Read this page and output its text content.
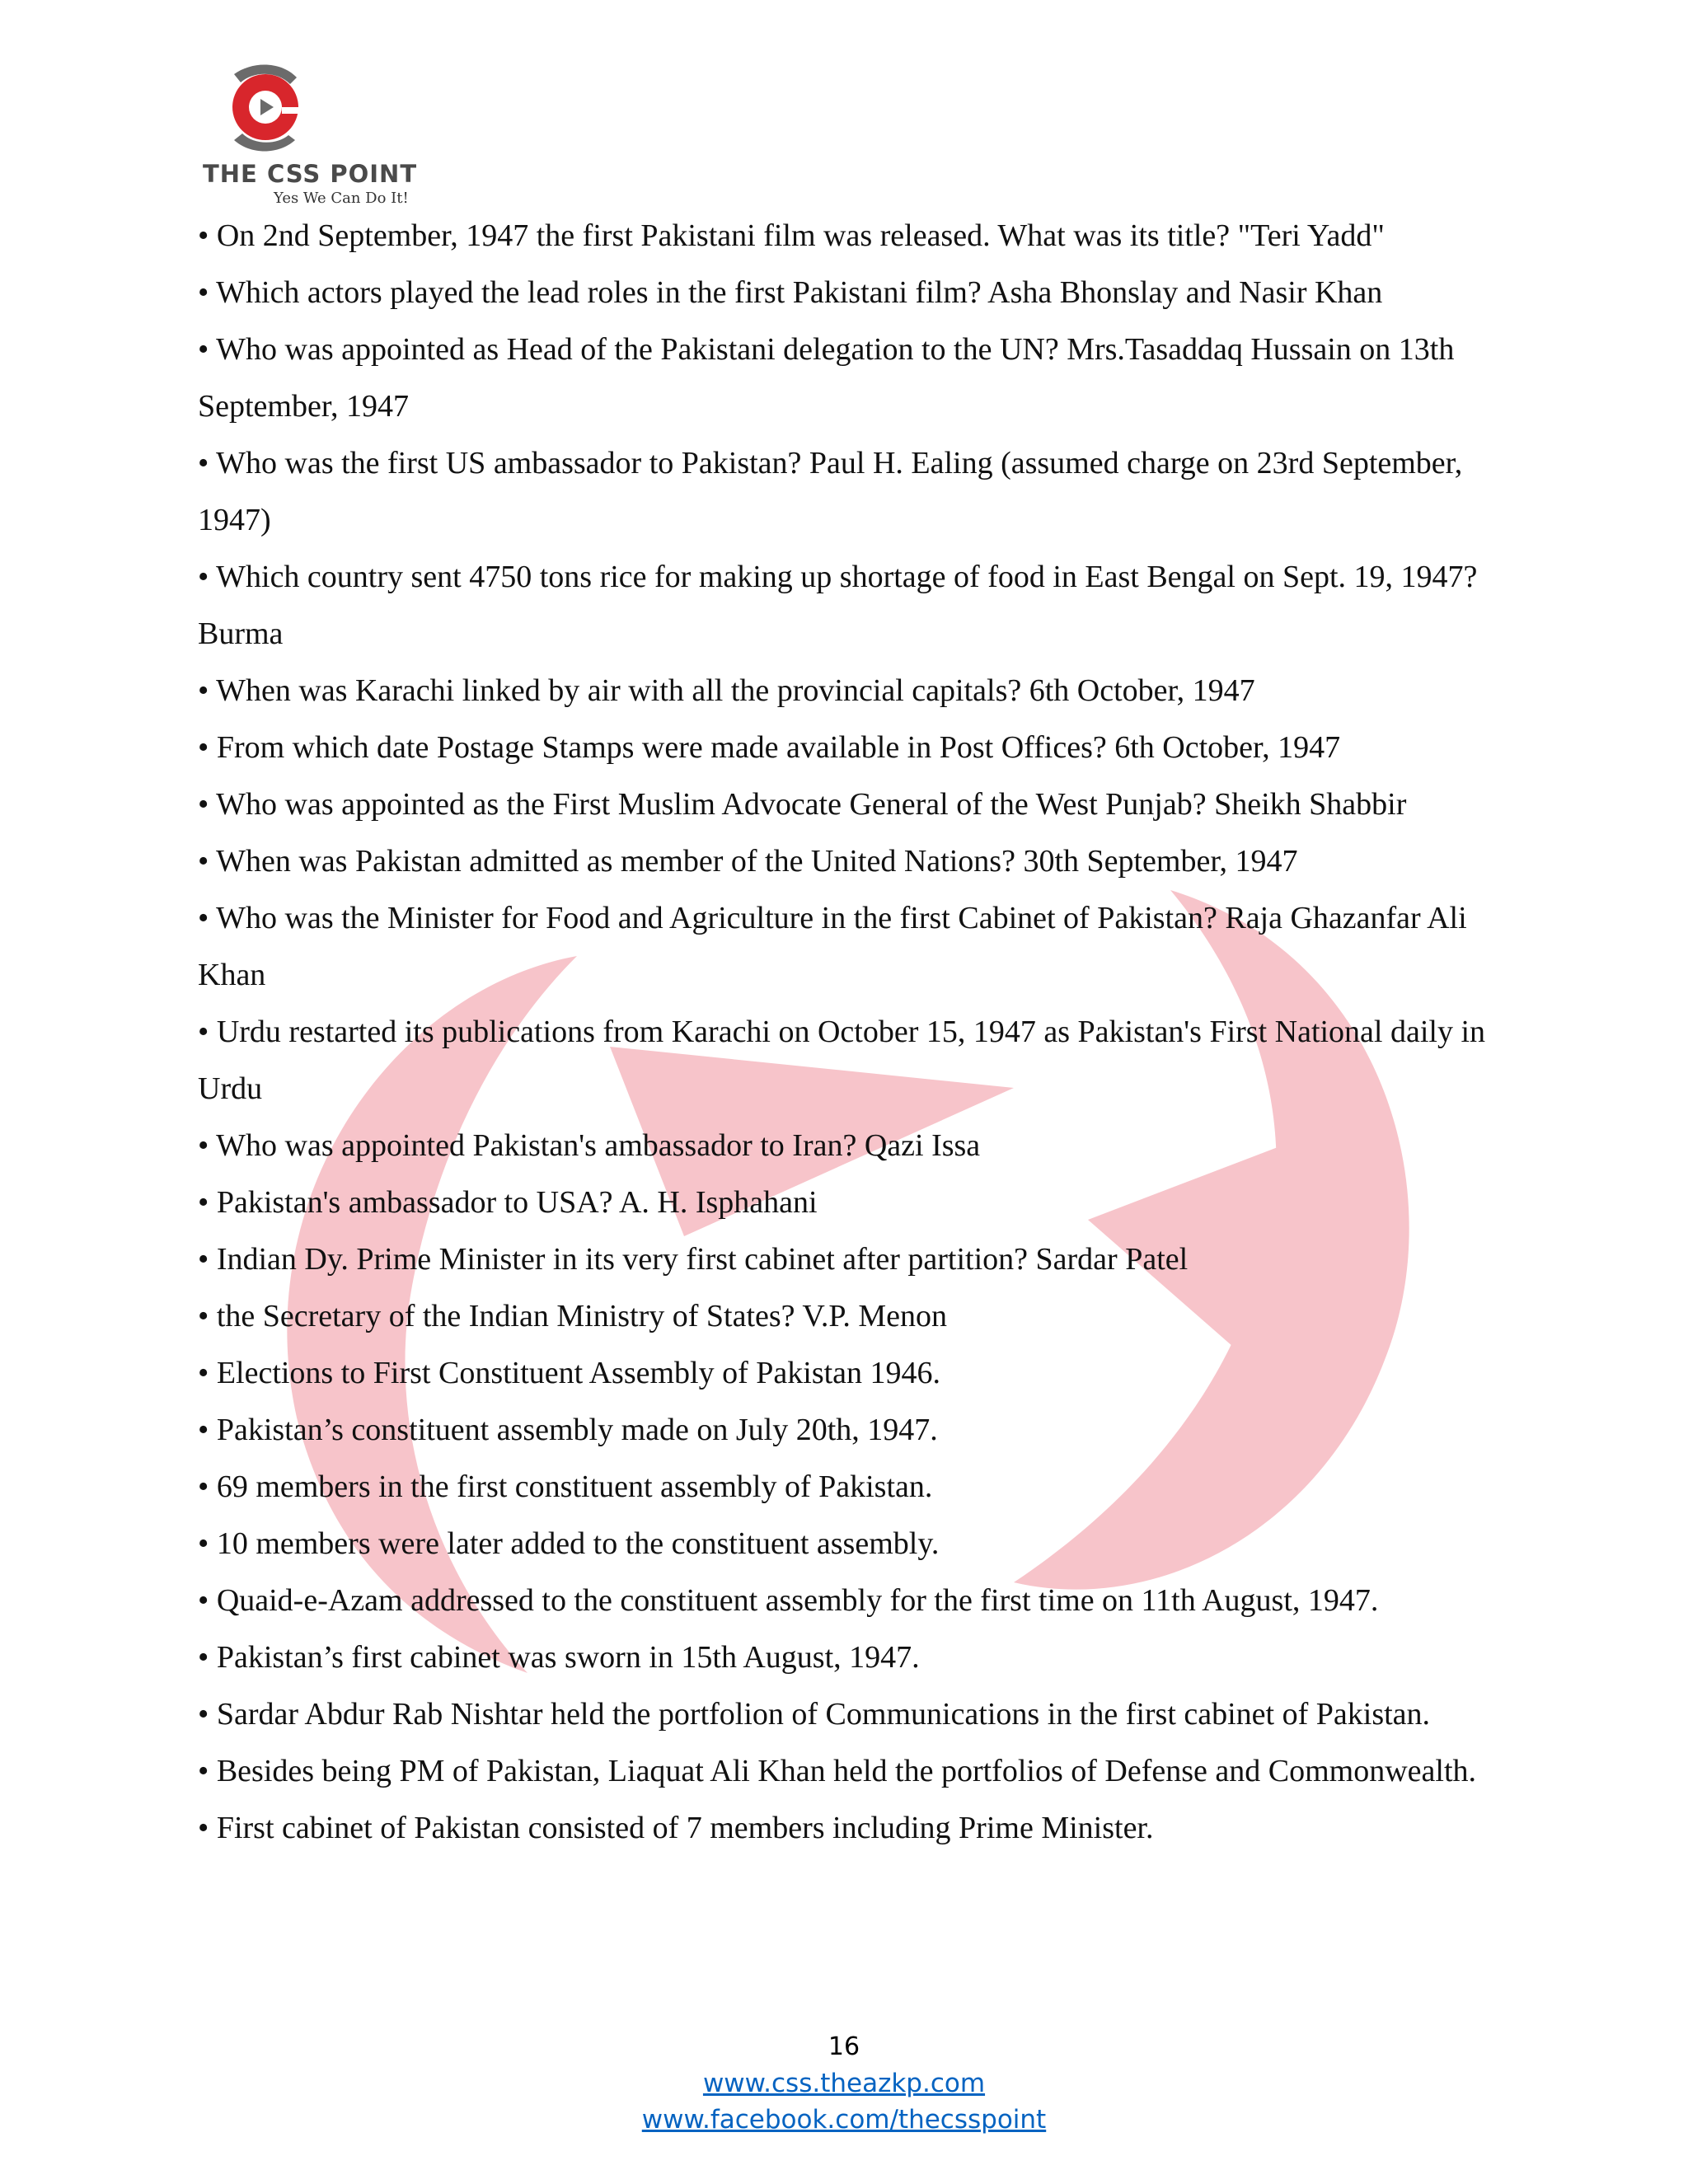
THE CSS POINT
Yes We Can Do It!

• On 2nd September, 1947 the first Pakistani film was released. What was its title? "Teri Yadd"

• Which actors played the lead roles in the first Pakistani film? Asha Bhonslay and Nasir Khan

• Who was appointed as Head of the Pakistani delegation to the UN? Mrs.Tasaddaq Hussain on 13th September, 1947

• Who was the first US ambassador to Pakistan? Paul H. Ealing (assumed charge on 23rd September, 1947)

• Which country sent 4750 tons rice for making up shortage of food in East Bengal on Sept. 19, 1947? Burma

• When was Karachi linked by air with all the provincial capitals? 6th October, 1947

• From which date Postage Stamps were made available in Post Offices? 6th October, 1947

• Who was appointed as the First Muslim Advocate General of the West Punjab? Sheikh Shabbir

• When was Pakistan admitted as member of the United Nations? 30th September, 1947

• Who was the Minister for Food and Agriculture in the first Cabinet of Pakistan? Raja Ghazanfar Ali Khan

• Urdu restarted its publications from Karachi on October 15, 1947 as Pakistan's First National daily in Urdu

• Who was appointed Pakistan's ambassador to Iran? Qazi Issa

• Pakistan's ambassador to USA? A. H. Isphahani

• Indian Dy. Prime Minister in its very first cabinet after partition? Sardar Patel

• the Secretary of the Indian Ministry of States? V.P. Menon

• Elections to First Constituent Assembly of Pakistan 1946.

• Pakistan’s constituent assembly made on July 20th, 1947.

• 69 members in the first constituent assembly of Pakistan.

• 10 members were later added to the constituent assembly.

• Quaid-e-Azam addressed to the constituent assembly for the first time on 11th August, 1947.

• Pakistan’s first cabinet was sworn in 15th August, 1947.

• Sardar Abdur Rab Nishtar held the portfolion of Communications in the first cabinet of Pakistan.

• Besides being PM of Pakistan, Liaquat Ali Khan held the portfolios of Defense and Commonwealth.

• First cabinet of Pakistan consisted of 7 members including Prime Minister.

16
www.css.theazkp.com
www.facebook.com/thecsspoint
